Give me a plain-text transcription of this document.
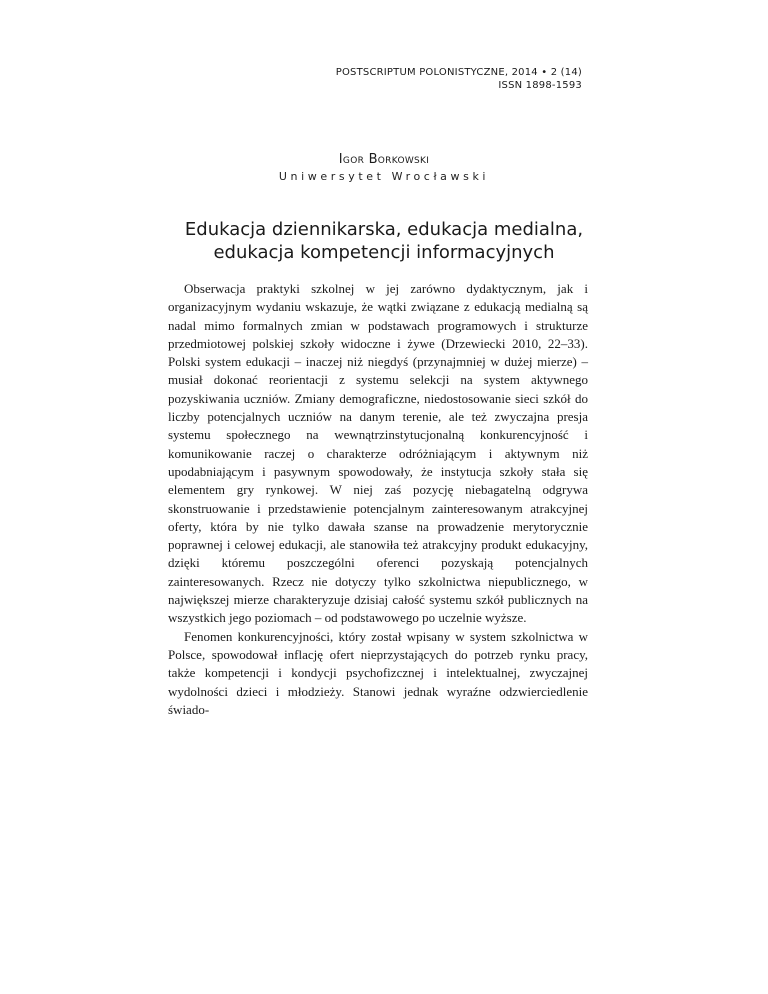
POSTSCRIPTUM POLONISTYCZNE, 2014 • 2 (14)
ISSN 1898-1593
Igor Borkowski
Uniwersytet Wrocławski
Edukacja dziennikarska, edukacja medialna,
edukacja kompetencji informacyjnych

Obserwacja praktyki szkolnej w jej zarówno dydaktycznym, jak i organizacyjnym wydaniu wskazuje, że wątki związane z edukacją medialną są nadal mimo formalnych zmian w podstawach programowych i strukturze przedmiotowej polskiej szkoły widoczne i żywe (Drzewiecki 2010, 22–33). Polski system edukacji – inaczej niż niegdyś (przynajmniej w dużej mierze) – musiał dokonać reorientacji z systemu selekcji na system aktywnego pozyskiwania uczniów. Zmiany demograficzne, niedostosowanie sieci szkół do liczby potencjalnych uczniów na danym terenie, ale też zwyczajna presja systemu społecznego na wewnątrzinstytucjonalną konkurencyjność i komunikowanie raczej o charakterze odróżniającym i aktywnym niż upodabniającym i pasywnym spowodowały, że instytucja szkoły stała się elementem gry rynkowej. W niej zaś pozycję niebagatelną odgrywa skonstruowanie i przedstawienie potencjalnym zainteresowanym atrakcyjnej oferty, która by nie tylko dawała szanse na prowadzenie merytorycznie poprawnej i celowej edukacji, ale stanowiła też atrakcyjny produkt edukacyjny, dzięki któremu poszczególni oferenci pozyskają potencjalnych zainteresowanych. Rzecz nie dotyczy tylko szkolnictwa niepublicznego, w największej mierze charakteryzuje dzisiaj całość systemu szkół publicznych na wszystkich jego poziomach – od podstawowego po uczelnie wyższe.

Fenomen konkurencyjności, który został wpisany w system szkolnictwa w Polsce, spowodował inflację ofert nieprzystających do potrzeb rynku pracy, także kompetencji i kondycji psychofizcznej i intelektualnej, zwyczajnej wydolności dzieci i młodzieży. Stanowi jednak wyraźne odzwierciedlenie świado-
